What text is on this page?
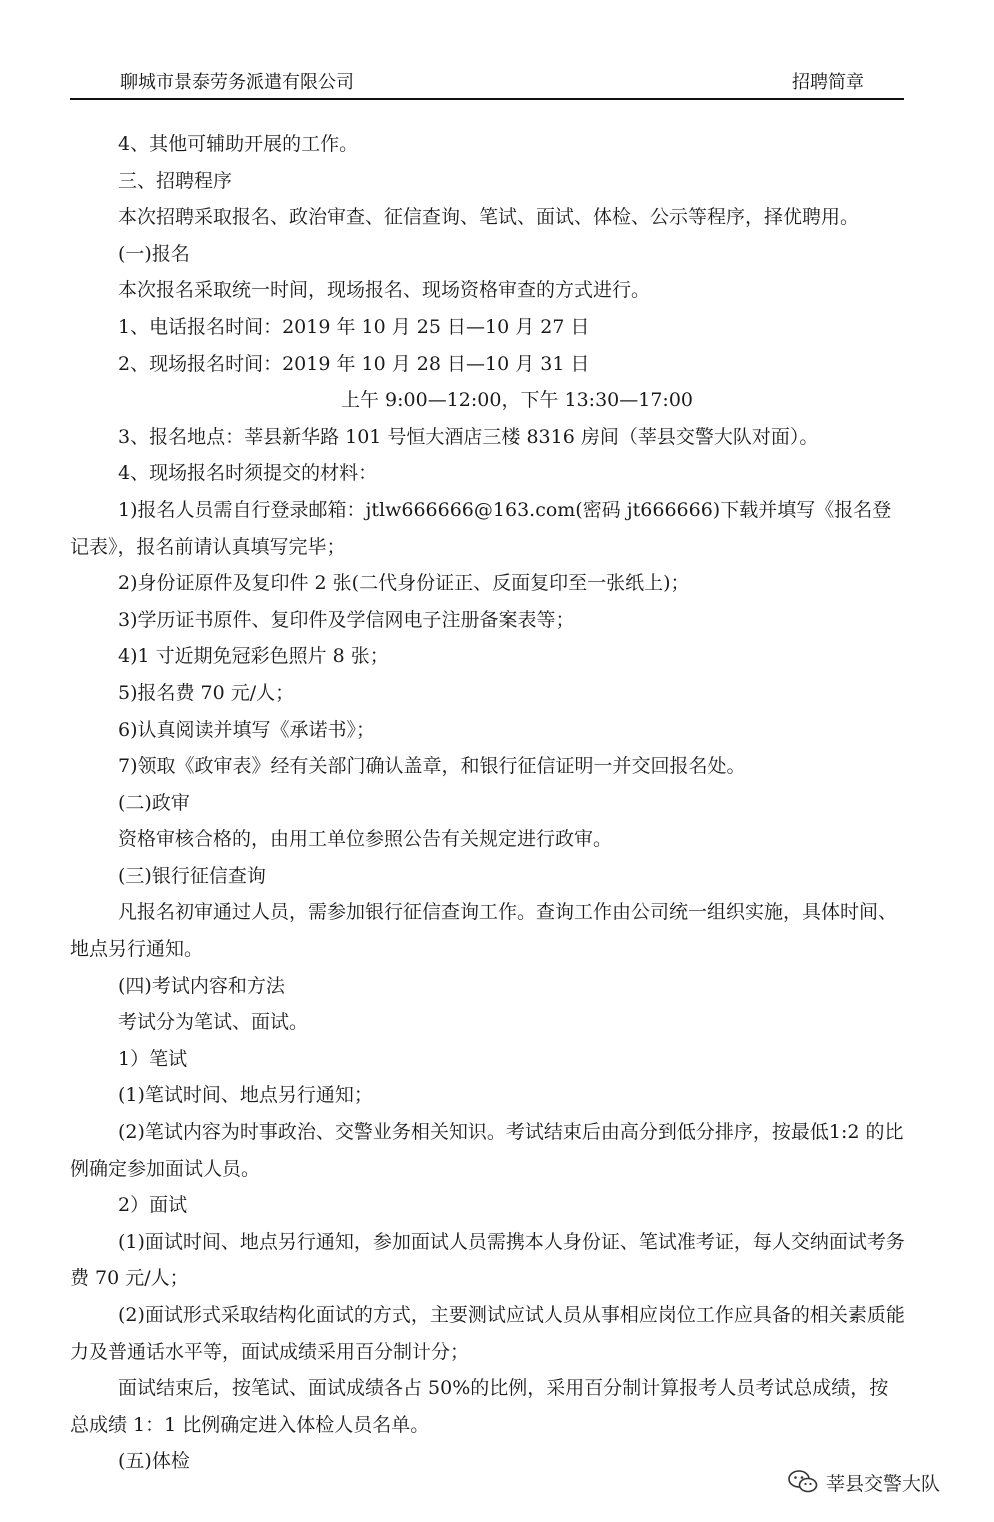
聊城市景泰劳务派遣有限公司	招聘简章

4、其他可辅助开展的工作。

三、招聘程序

本次招聘采取报名、政治审查、征信查询、笔试、面试、体检、公示等程序，择优聘用。

(一)报名

本次报名采取统一时间，现场报名、现场资格审查的方式进行。

1、电话报名时间：2019 年 10 月 25 日—10 月 27 日

2、现场报名时间：2019 年 10 月 28 日—10 月 31 日

上午 9:00—12:00，下午 13:30—17:00

3、报名地点：莘县新华路 101 号恒大酒店三楼 8316 房间（莘县交警大队对面）。

4、现场报名时须提交的材料：

1)报名人员需自行登录邮箱：jtlw666666@163.com(密码 jt666666)下载并填写《报名登记表》，报名前请认真填写完毕；

2)身份证原件及复印件 2 张(二代身份证正、反面复印至一张纸上)；

3)学历证书原件、复印件及学信网电子注册备案表等；

4)1 寸近期免冠彩色照片 8 张；

5)报名费 70 元/人；

6)认真阅读并填写《承诺书》；

7)领取《政审表》经有关部门确认盖章，和银行征信证明一并交回报名处。

(二)政审

资格审核合格的，由用工单位参照公告有关规定进行政审。

(三)银行征信查询

凡报名初审通过人员，需参加银行征信查询工作。查询工作由公司统一组织实施，具体时间、地点另行通知。

(四)考试内容和方法

考试分为笔试、面试。

1）笔试

(1)笔试时间、地点另行通知；

(2)笔试内容为时事政治、交警业务相关知识。考试结束后由高分到低分排序，按最低1:2 的比例确定参加面试人员。

2）面试

(1)面试时间、地点另行通知，参加面试人员需携本人身份证、笔试准考证，每人交纳面试考务费 70 元/人；

(2)面试形式采取结构化面试的方式，主要测试应试人员从事相应岗位工作应具备的相关素质能力及普通话水平等，面试成绩采用百分制计分；

面试结束后，按笔试、面试成绩各占 50%的比例，采用百分制计算报考人员考试总成绩，按总成绩 1：1 比例确定进入体检人员名单。

(五)体检

莘县交警大队
